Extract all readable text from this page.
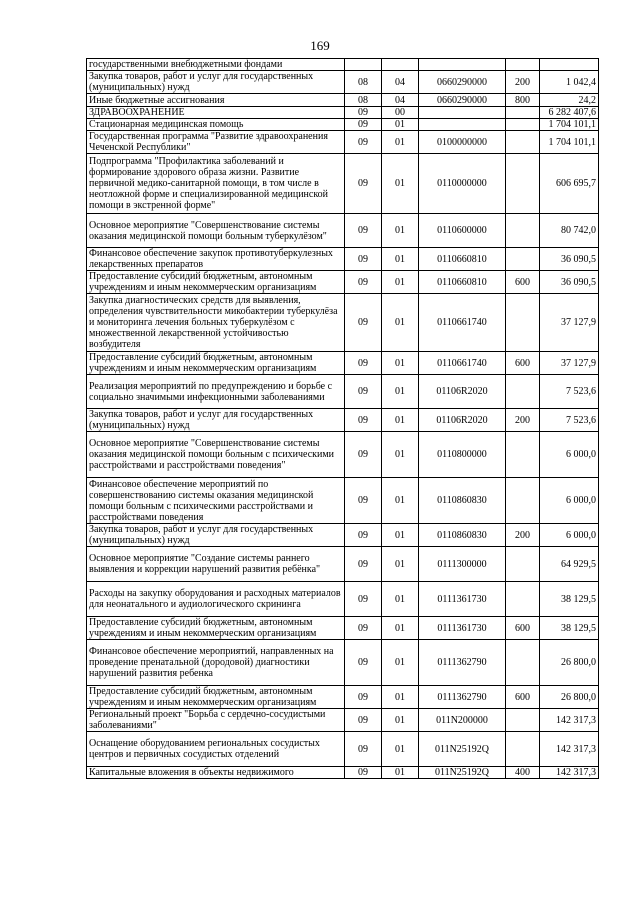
169
государственными внебюджетными фондами					
Закупка товаров, работ и услуг для государственных (муниципальных) нужд	08	04	0660290000	200	1 042,4
Иные бюджетные ассигнования	08	04	0660290000	800	24,2
ЗДРАВООХРАНЕНИЕ	09	00			6 282 407,6
Стационарная медицинская помощь	09	01			1 704 101,1
Государственная программа "Развитие здравоохранения Чеченской Республики"	09	01	0100000000		1 704 101,1
Подпрограмма "Профилактика заболеваний и формирование здорового образа жизни. Развитие первичной медико-санитарной помощи, в том числе в неотложной форме и специализированной медицинской помощи в экстренной форме"	09	01	0110000000		606 695,7
Основное мероприятие "Совершенствование системы оказания медицинской помощи больным туберкулёзом"	09	01	0110600000		80 742,0
Финансовое обеспечение закупок противотуберкулезных лекарственных препаратов	09	01	0110660810		36 090,5
Предоставление субсидий бюджетным, автономным учреждениям и иным некоммерческим организациям	09	01	0110660810	600	36 090,5
Закупка диагностических средств для выявления, определения чувствительности микобактерии туберкулёза и мониторинга лечения больных туберкулёзом с множественной лекарственной устойчивостью возбудителя	09	01	0110661740		37 127,9
Предоставление субсидий бюджетным, автономным учреждениям и иным некоммерческим организациям	09	01	0110661740	600	37 127,9
Реализация мероприятий по предупреждению и борьбе с социально значимыми инфекционными заболеваниями	09	01	01106R2020		7 523,6
Закупка товаров, работ и услуг для государственных (муниципальных) нужд	09	01	01106R2020	200	7 523,6
Основное мероприятие "Совершенствование системы оказания медицинской помощи больным с психическими расстройствами и расстройствами поведения"	09	01	0110800000		6 000,0
Финансовое обеспечение мероприятий по совершенствованию системы оказания медицинской помощи больным с психическими расстройствами и расстройствами поведения	09	01	0110860830		6 000,0
Закупка товаров, работ и услуг для государственных (муниципальных) нужд	09	01	0110860830	200	6 000,0
Основное мероприятие "Создание системы раннего выявления и коррекции нарушений развития ребёнка"	09	01	0111300000		64 929,5
Расходы на закупку оборудования и расходных материалов для неонатального и аудиологического скрининга	09	01	0111361730		38 129,5
Предоставление субсидий бюджетным, автономным учреждениям и иным некоммерческим организациям	09	01	0111361730	600	38 129,5
Финансовое обеспечение мероприятий, направленных на проведение пренатальной (дородовой) диагностики нарушений развития ребенка	09	01	0111362790		26 800,0
Предоставление субсидий бюджетным, автономным учреждениям и иным некоммерческим организациям	09	01	0111362790	600	26 800,0
Региональный проект "Борьба с сердечно-сосудистыми заболеваниями"	09	01	011N200000		142 317,3
Оснащение оборудованием региональных сосудистых центров и первичных сосудистых отделений	09	01	011N25192Q		142 317,3
Капитальные вложения в объекты недвижимого	09	01	011N25192Q	400	142 317,3
